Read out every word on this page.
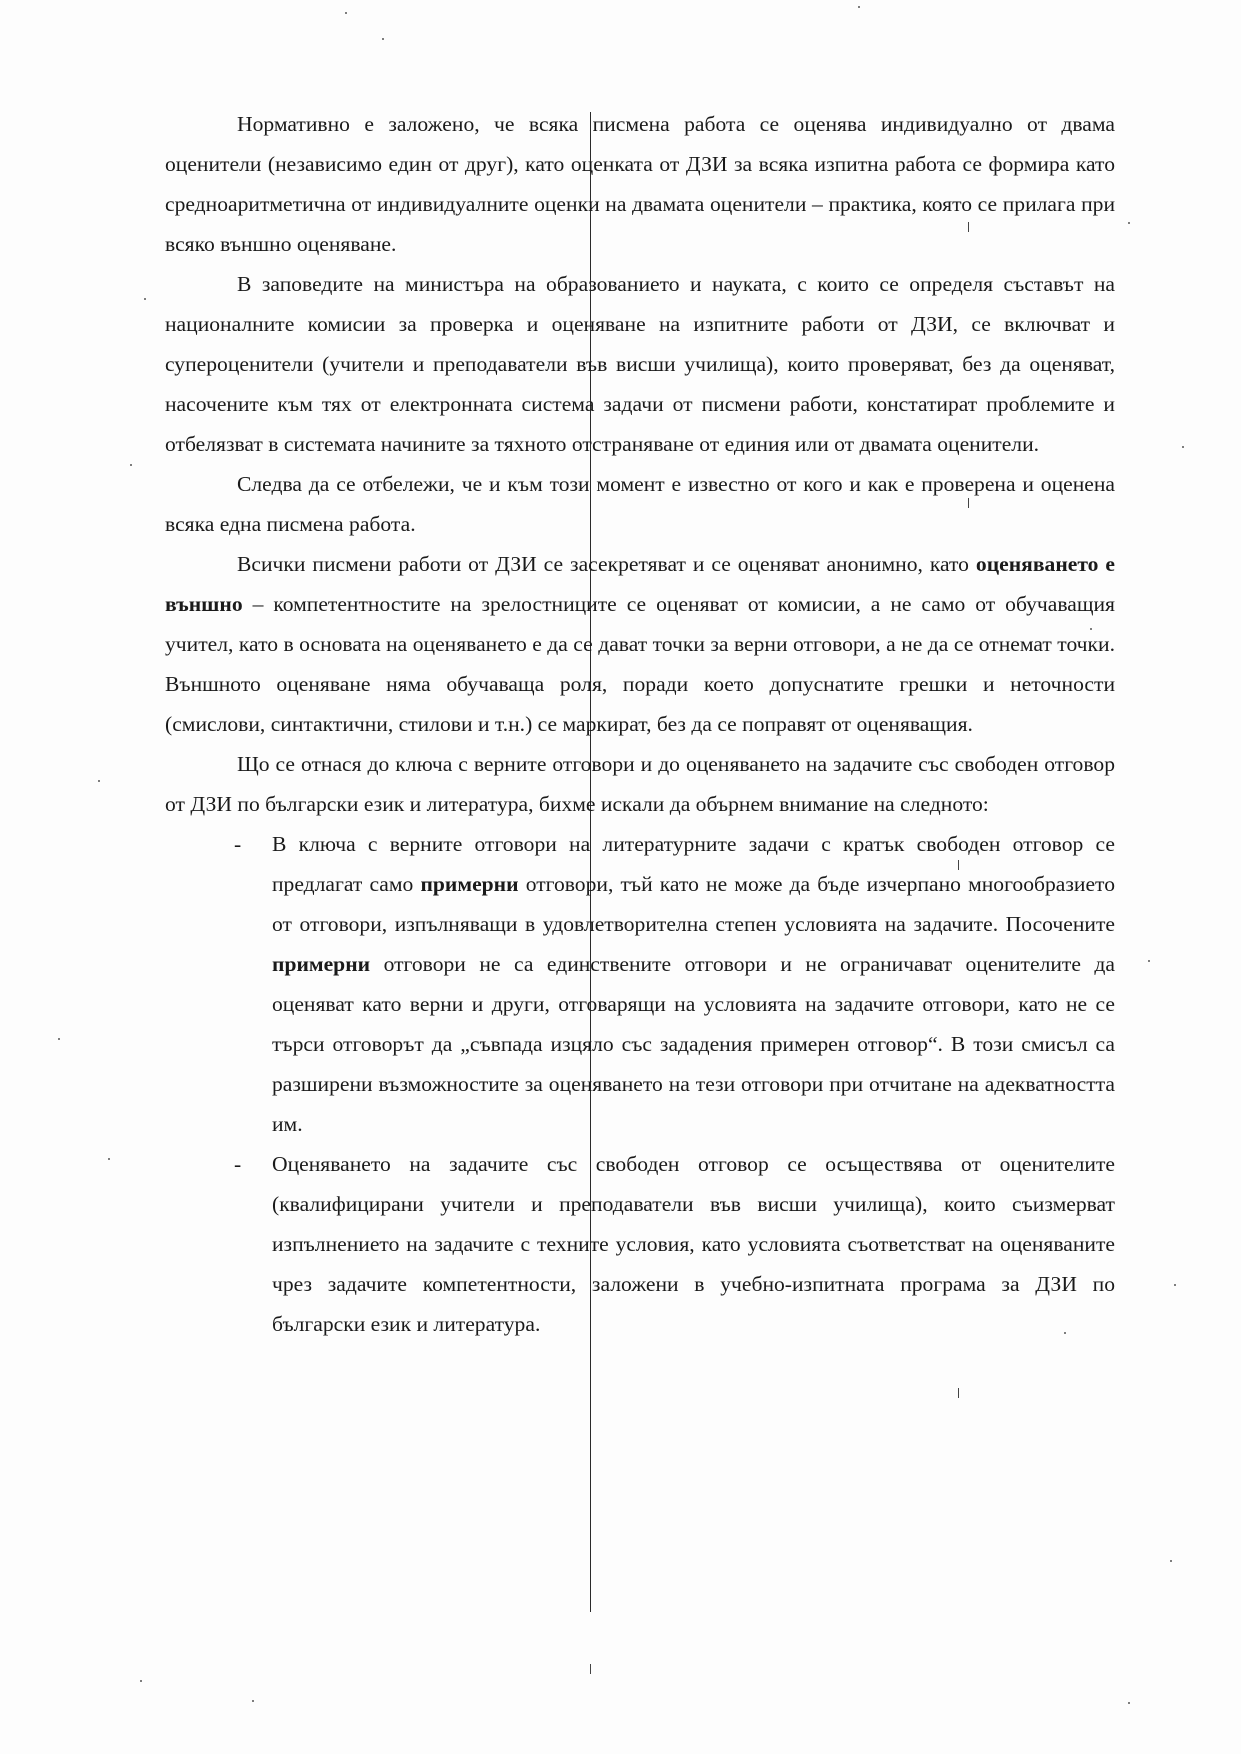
Нормативно е заложено, че всяка писмена работа се оценява индивидуално от двама оценители (независимо един от друг), като оценката от ДЗИ за всяка изпитна работа се формира като средноаритметична от индивидуалните оценки на двамата оценители – практика, която се прилага при всяко външно оценяване.

В заповедите на министъра на образованието и науката, с които се определя съставът на националните комисии за проверка и оценяване на изпитните работи от ДЗИ, се включват и супероценители (учители и преподаватели във висши училища), които проверяват, без да оценяват, насочените към тях от електронната система задачи от писмени работи, констатират проблемите и отбелязват в системата начините за тяхното отстраняване от единия или от двамата оценители.

Следва да се отбележи, че и към този момент е известно от кого и как е проверена и оценена всяка една писмена работа.

Всички писмени работи от ДЗИ се засекретяват и се оценяват анонимно, като оценяването е външно – компетентностите на зрелостниците се оценяват от комисии, а не само от обучаващия учител, като в основата на оценяването е да се дават точки за верни отговори, а не да се отнемат точки. Външното оценяване няма обучаваща роля, поради което допуснатите грешки и неточности (смислови, синтактични, стилови и т.н.) се маркират, без да се поправят от оценяващия.

Що се отнася до ключа с верните отговори и до оценяването на задачите със свободен отговор от ДЗИ по български език и литература, бихме искали да обърнем внимание на следното:

- В ключа с верните отговори на литературните задачи с кратък свободен отговор се предлагат само примерни отговори, тъй като не може да бъде изчерпано многообразието от отговори, изпълняващи в удовлетворителна степен условията на задачите. Посочените примерни отговори не са единствените отговори и не ограничават оценителите да оценяват като верни и други, отговарящи на условията на задачите отговори, като не се търси отговорът да „съвпада изцяло със зададения примерен отговор“. В този смисъл са разширени възможностите за оценяването на тези отговори при отчитане на адекватността им.
- Оценяването на задачите със свободен отговор се осъществява от оценителите (квалифицирани учители и преподаватели във висши училища), които съизмерват изпълнението на задачите с техните условия, като условията съответстват на оценяваните чрез задачите компетентности, заложени в учебно-изпитната програма за ДЗИ по български език и литература.
